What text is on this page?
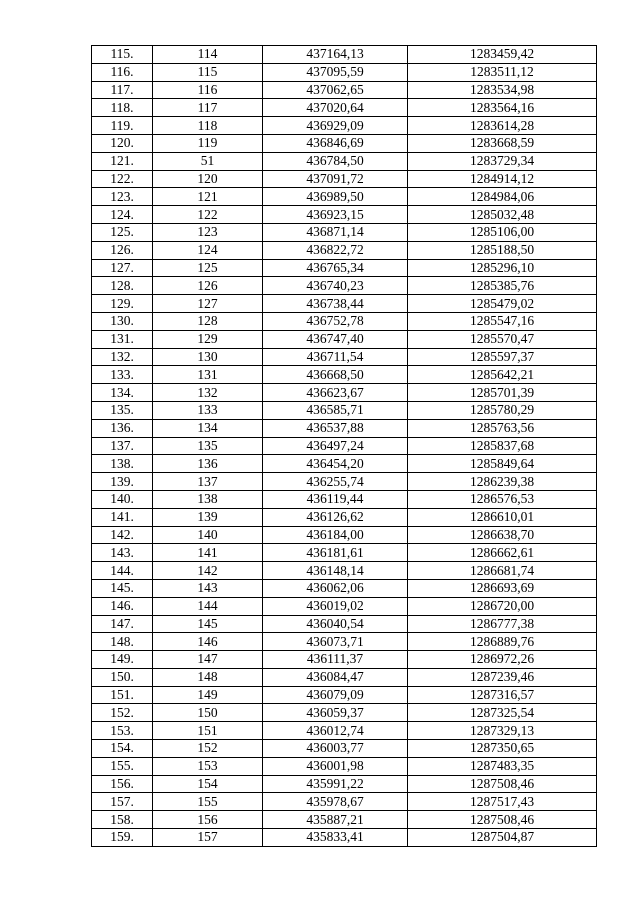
115.	114	437164,13	1283459,42
116.	115	437095,59	1283511,12
117.	116	437062,65	1283534,98
118.	117	437020,64	1283564,16
119.	118	436929,09	1283614,28
120.	119	436846,69	1283668,59
121.	51	436784,50	1283729,34
122.	120	437091,72	1284914,12
123.	121	436989,50	1284984,06
124.	122	436923,15	1285032,48
125.	123	436871,14	1285106,00
126.	124	436822,72	1285188,50
127.	125	436765,34	1285296,10
128.	126	436740,23	1285385,76
129.	127	436738,44	1285479,02
130.	128	436752,78	1285547,16
131.	129	436747,40	1285570,47
132.	130	436711,54	1285597,37
133.	131	436668,50	1285642,21
134.	132	436623,67	1285701,39
135.	133	436585,71	1285780,29
136.	134	436537,88	1285763,56
137.	135	436497,24	1285837,68
138.	136	436454,20	1285849,64
139.	137	436255,74	1286239,38
140.	138	436119,44	1286576,53
141.	139	436126,62	1286610,01
142.	140	436184,00	1286638,70
143.	141	436181,61	1286662,61
144.	142	436148,14	1286681,74
145.	143	436062,06	1286693,69
146.	144	436019,02	1286720,00
147.	145	436040,54	1286777,38
148.	146	436073,71	1286889,76
149.	147	436111,37	1286972,26
150.	148	436084,47	1287239,46
151.	149	436079,09	1287316,57
152.	150	436059,37	1287325,54
153.	151	436012,74	1287329,13
154.	152	436003,77	1287350,65
155.	153	436001,98	1287483,35
156.	154	435991,22	1287508,46
157.	155	435978,67	1287517,43
158.	156	435887,21	1287508,46
159.	157	435833,41	1287504,87
